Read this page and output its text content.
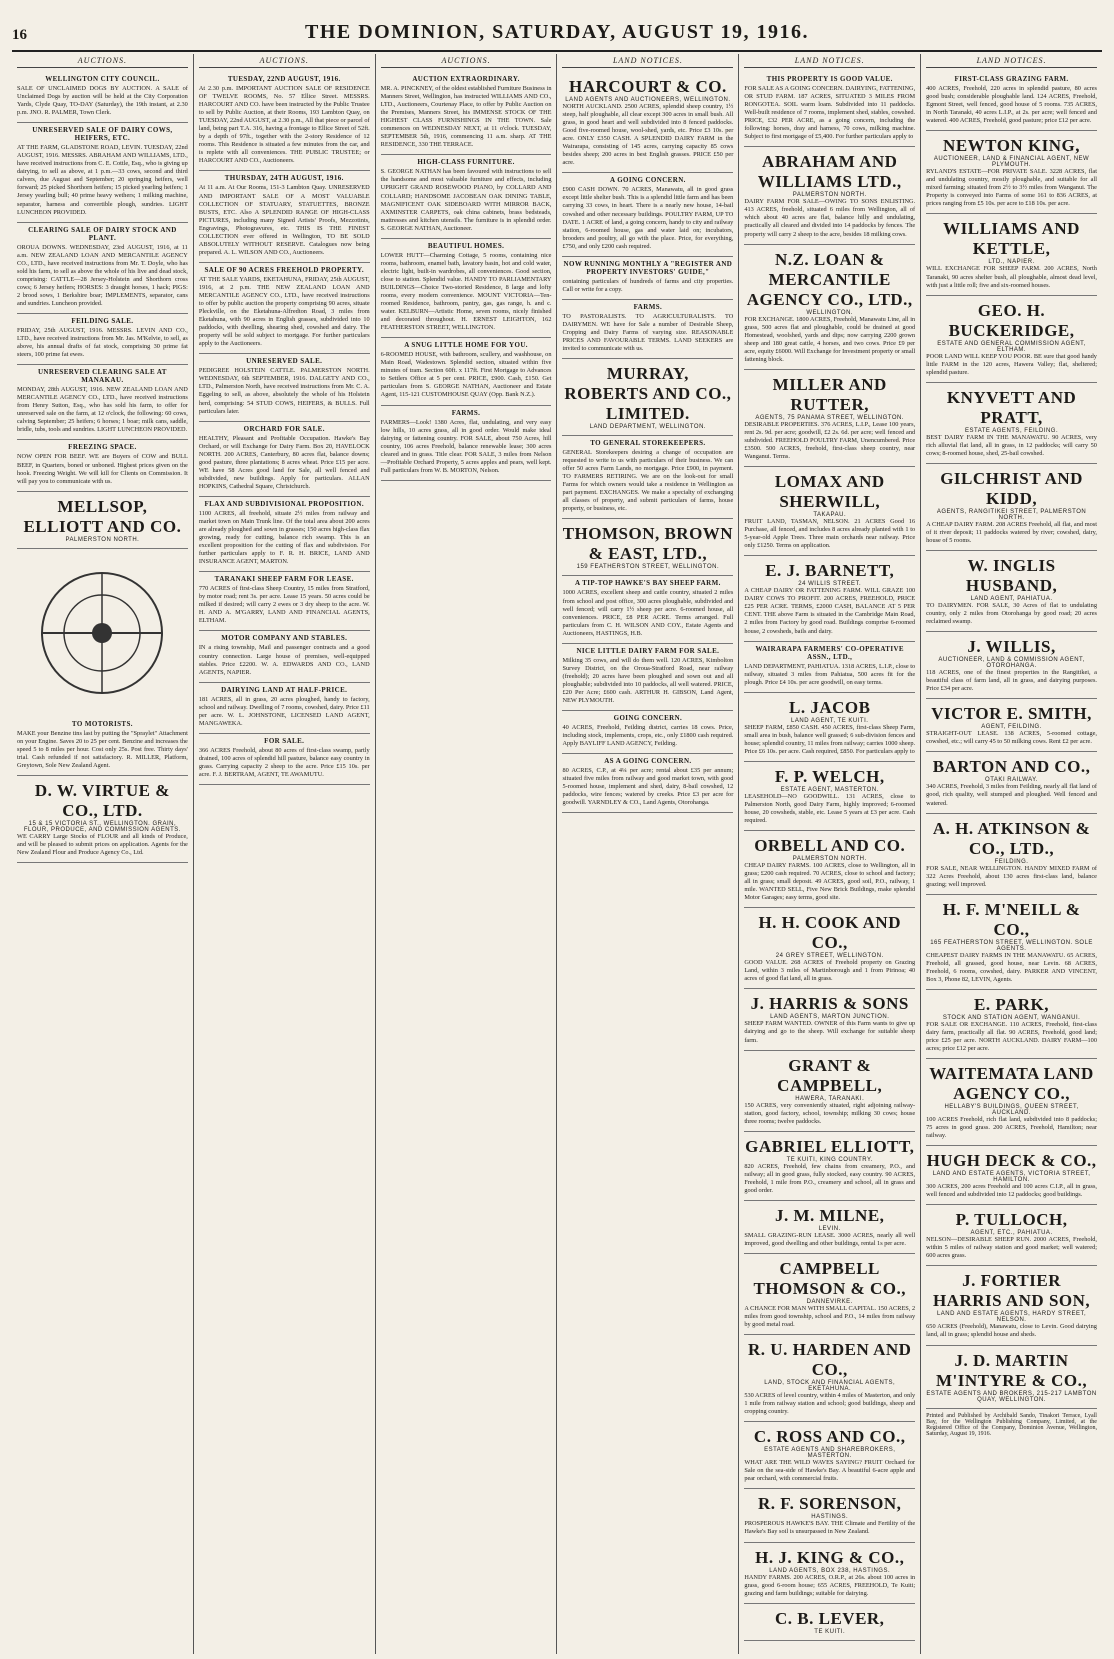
16	THE DOMINION, SATURDAY, AUGUST 19, 1916.
AUCTIONS.
WELLINGTON CITY COUNCIL.
SALE OF UNCLAIMED DOGS BY AUCTION. A SALE of Unclaimed Dogs by auction will be held at the City Corporation Yards, Clyde Quay, TO-DAY (Saturday), the 19th instant, at 2.30 p.m. JNO. R. PALMER, Town Clerk.
UNRESERVED SALE OF DAIRY COWS, HEIFERS, ETC.
AT THE FARM, GLADSTONE ROAD, LEVIN. TUESDAY, 22nd AUGUST, 1916. MESSRS. ABRAHAM AND WILLIAMS, LTD., have received instructions from C. E. Cottle, Esq., who is giving up dairying, to sell as above, at 1 p.m.—33 cows, second and third calvers, due August and September; 20 springing heifers, well forward; 25 picked Shorthorn heifers; 15 picked yearling heifers; 1 Jersey yearling bull; 40 prime heavy wethers; 1 milking machine, separator, harness and convertible plough, sundries. LIGHT LUNCHEON PROVIDED.
CLEARING SALE OF DAIRY STOCK AND PLANT.
OROUA DOWNS. WEDNESDAY, 23rd AUGUST, 1916, at 11 a.m. NEW ZEALAND LOAN AND MERCANTILE AGENCY CO., LTD., have received instructions from Mr. T. Doyle, who has sold his farm, to sell as above the whole of his live and dead stock, comprising: CATTLE—28 Jersey-Holstein and Shorthorn cross cows; 6 Jersey heifers; HORSES: 3 draught horses, 1 hack; PIGS: 2 brood sows, 1 Berkshire boar; IMPLEMENTS, separator, cans and sundries. Luncheon provided.
FEILDING SALE.
FRIDAY, 25th AUGUST, 1916. MESSRS. LEVIN AND CO., LTD., have received instructions from Mr. Jas. M'Kelvie, to sell, as above, his annual drafts of fat stock, comprising 30 prime fat steers, 100 prime fat ewes.
UNRESERVED CLEARING SALE AT MANAKAU.
MONDAY, 28th AUGUST, 1916. NEW ZEALAND LOAN AND MERCANTILE AGENCY CO., LTD., have received instructions from Henry Sutton, Esq., who has sold his farm, to offer for unreserved sale on the farm, at 12 o'clock, the following: 60 cows, calving September; 25 heifers; 6 horses; 1 boar; milk cans, saddle, bridle, tubs, tools and sundries. LIGHT LUNCHEON PROVIDED.
FREEZING SPACE.
NOW OPEN FOR BEEF. WE are Buyers of COW and BULL BEEF, in Quarters, boned or unboned. Highest prices given on the hook. Freezing Weight. We will kill for Clients on Commission. It will pay you to communicate with us.
MELLSOP, ELLIOTT AND CO.
PALMERSTON NORTH.
TO MOTORISTS.
MAKE your Benzine tins last by putting the "Spraylet" Attachment on your Engine. Saves 20 to 25 per cent. Benzine and increases the speed 5 to 8 miles per hour. Cost only 25s. Post free. Thirty days' trial. Cash refunded if not satisfactory. R. MILLER, Platform, Greytown, Sole New Zealand Agent.
D. W. VIRTUE & CO., LTD.
15 & 15 VICTORIA ST., WELLINGTON. GRAIN, FLOUR, PRODUCE, AND COMMISSION AGENTS.
WE CARRY Large Stocks of FLOUR and all kinds of Produce, and will be pleased to submit prices on application. Agents for the New Zealand Flour and Produce Agency Co., Ltd.
AUCTIONS.
TUESDAY, 22ND AUGUST, 1916.
At 2.30 p.m. IMPORTANT AUCTION SALE OF RESIDENCE OF TWELVE ROOMS, No. 57 Ellice Street. MESSRS. HARCOURT AND CO. have been instructed by the Public Trustee to sell by Public Auction, at their Rooms, 193 Lambton Quay, on TUESDAY, 22nd AUGUST, at 2.30 p.m., All that piece or parcel of land, being part T.A. 316, having a frontage to Ellice Street of 52ft. by a depth of 97ft., together with the 2-story Residence of 12 rooms. This Residence is situated a few minutes from the car, and is replete with all conveniences. THE PUBLIC TRUSTEE; or HARCOURT AND CO., Auctioneers.
THURSDAY, 24TH AUGUST, 1916.
At 11 a.m. At Our Rooms, 151-3 Lambton Quay. UNRESERVED AND IMPORTANT SALE OF A MOST VALUABLE COLLECTION OF STATUARY, STATUETTES, BRONZE BUSTS, ETC. Also A SPLENDID RANGE OF HIGH-CLASS PICTURES, including many Signed Artists' Proofs, Mezzotints, Engravings, Photogravures, etc. THIS IS THE FINEST COLLECTION ever offered in Wellington, TO BE SOLD ABSOLUTELY WITHOUT RESERVE. Catalogues now being prepared. A. L. WILSON AND CO., Auctioneers.
SALE OF 90 ACRES FREEHOLD PROPERTY.
AT THE SALE YARDS, EKETAHUNA, FRIDAY, 25th AUGUST, 1916, at 2 p.m. THE NEW ZEALAND LOAN AND MERCANTILE AGENCY CO., LTD., have received instructions to offer by public auction the property comprising 90 acres, situate Pleckville, on the Eketahuna-Alfredton Road, 3 miles from Eketahuna, with 90 acres in English grasses, subdivided into 10 paddocks, with dwelling, shearing shed, cowshed and dairy. The property will be sold subject to mortgage. For further particulars apply to the Auctioneers.
UNRESERVED SALE.
PEDIGREE HOLSTEIN CATTLE. PALMERSTON NORTH. WEDNESDAY, 6th SEPTEMBER, 1916. DALGETY AND CO., LTD., Palmerston North, have received instructions from Mr. C. A. Eggeling to sell, as above, absolutely the whole of his Holstein herd, comprising: 54 STUD COWS, HEIFERS, & BULLS. Full particulars later.
ORCHARD FOR SALE.
HEALTHY, Pleasant and Profitable Occupation. Hawke's Bay Orchard, or will Exchange for Dairy Farm. Box 20, HAVELOCK NORTH. 200 ACRES, Canterbury, 80 acres flat, balance downs; good pasture, three plantations; 8 acres wheat. Price £15 per acre. WE have 58 Acres good land for Sale, all well fenced and subdivided, new buildings. Apply for particulars. ALLAN HOPKINS, Cathedral Square, Christchurch.
FLAX AND SUBDIVISIONAL PROPOSITION.
1100 ACRES, all freehold, situate 2½ miles from railway and market town on Main Trunk line. Of the total area about 200 acres are already ploughed and sown in grasses; 150 acres high-class flax growing, ready for cutting, balance rich swamp. This is an excellent proposition for the cutting of flax and subdivision. For further particulars apply to F. R. H. BRICE, LAND AND INSURANCE AGENT, MARTON.
TARANAKI SHEEP FARM FOR LEASE.
770 ACRES of first-class Sheep Country, 15 miles from Stratford, by motor road; rent 3s. per acre. Lease 15 years. 50 acres could be milked if desired; will carry 2 ewes or 3 dry sheep to the acre. W. H. AND A. M'GARRY, LAND AND FINANCIAL AGENTS, ELTHAM.
MOTOR COMPANY AND STABLES.
IN a rising township, Mail and passenger contracts and a good country connection. Large house of premises, well-equipped stables. Price £2200. W. A. EDWARDS AND CO., LAND AGENTS, NAPIER.
DAIRYING LAND AT HALF-PRICE.
181 ACRES, all in grass, 20 acres ploughed, handy to factory, school and railway. Dwelling of 7 rooms, cowshed, dairy. Price £11 per acre. W. L. JOHNSTONE, LICENSED LAND AGENT, MANGAWEKA.
FOR SALE.
366 ACRES Freehold, about 80 acres of first-class swamp, partly drained, 100 acres of splendid hill pasture, balance easy country in grass. Carrying capacity 2 sheep to the acre. Price £15 10s. per acre. F. J. BERTRAM, AGENT, TE AWAMUTU.
AUCTIONS.
AUCTION EXTRAORDINARY.
MR. A. PINCKNEY, of the oldest established Furniture Business in Manners Street, Wellington, has instructed WILLIAMS AND CO., LTD., Auctioneers, Courtenay Place, to offer by Public Auction on the Premises, Manners Street, his IMMENSE STOCK OF THE HIGHEST CLASS FURNISHINGS IN THE TOWN. Sale commences on WEDNESDAY NEXT, at 11 o'clock. TUESDAY, SEPTEMBER 5th, 1916, commencing 11 a.m. sharp. AT THE RESIDENCE, 330 THE TERRACE.
HIGH-CLASS FURNITURE.
S. GEORGE NATHAN has been favoured with instructions to sell the handsome and most valuable furniture and effects, including UPRIGHT GRAND ROSEWOOD PIANO, by COLLARD AND COLLARD; HANDSOME JACOBEAN OAK DINING TABLE, MAGNIFICENT OAK SIDEBOARD WITH MIRROR BACK, AXMINSTER CARPETS, oak china cabinets, brass bedsteads, mattresses and kitchen utensils. The furniture is in splendid order. S. GEORGE NATHAN, Auctioneer.
BEAUTIFUL HOMES.
LOWER HUTT—Charming Cottage, 5 rooms, containing nice rooms, bathroom, enamel bath, lavatory basin, hot and cold water, electric light, built-in wardrobes, all conveniences. Good section, close to station. Splendid value. HANDY TO PARLIAMENTARY BUILDINGS—Choice Two-storied Residence, 8 large and lofty rooms, every modern convenience. MOUNT VICTORIA—Ten-roomed Residence, bathroom, pantry, gas, gas range, h. and c. water. KELBURN—Artistic Home, seven rooms, nicely finished and decorated throughout. H. ERNEST LEIGHTON, 162 FEATHERSTON STREET, WELLINGTON.
A SNUG LITTLE HOME FOR YOU.
6-ROOMED HOUSE, with bathroom, scullery, and washhouse, on Main Road, Wadestown. Splendid section, situated within five minutes of tram. Section 60ft. x 117ft. First Mortgage to Advances to Settlers Office at 5 per cent. PRICE, £900. Cash, £150. Get particulars from S. GEORGE NATHAN, Auctioneer and Estate Agent, 115-121 CUSTOMHOUSE QUAY (Opp. Bank N.Z.).
FARMS.
FARMERS—Look! 1380 Acres, flat, undulating, and very easy low hills, 10 acres grass, all in good order. Would make ideal dairying or fattening country. FOR SALE, about 750 Acres, hill country, 106 acres Freehold, balance renewable lease; 300 acres cleared and in grass. Title clear. FOR SALE, 3 miles from Nelson—Profitable Orchard Property, 5 acres apples and pears, well kept. Full particulars from W. B. MORTON, Nelson.
LAND NOTICES.
HARCOURT & CO.
LAND AGENTS AND AUCTIONEERS, WELLINGTON.
NORTH AUCKLAND. 2500 ACRES, splendid sheep country, 1½ steep, half ploughable, all clear except 300 acres in small bush. All grass, in good heart and well subdivided into 8 fenced paddocks. Good five-roomed house, wool-shed, yards, etc. Price £3 10s. per acre. ONLY £350 CASH. A SPLENDID DAIRY FARM in the Wairarapa, consisting of 145 acres, carrying capacity 85 cows besides sheep; 200 acres in best English grasses. PRICE £50 per acre.
A GOING CONCERN.
£900 CASH DOWN. 70 ACRES, Manawatu, all in good grass except little shelter bush. This is a splendid little farm and has been carrying 33 cows, in heart. There is a nearly new house, 14-bail cowshed and other necessary buildings. POULTRY FARM, UP TO DATE. 1 ACRE of land, a going concern, handy to city and railway station, 6-roomed house, gas and water laid on; incubators, brooders and poultry, all go with the place. Price, for everything, £750, and only £200 cash required.
NOW RUNNING MONTHLY A "REGISTER AND PROPERTY INVESTORS' GUIDE,"
containing particulars of hundreds of farms and city properties. Call or write for a copy.
FARMS.
TO PASTORALISTS. TO AGRICULTURALISTS. TO DAIRYMEN. WE have for Sale a number of Desirable Sheep, Cropping and Dairy Farms of varying size. REASONABLE PRICES AND FAVOURABLE TERMS. LAND SEEKERS are invited to communicate with us.
MURRAY, ROBERTS AND CO., LIMITED.
LAND DEPARTMENT, WELLINGTON.
TO GENERAL STOREKEEPERS.
GENERAL Storekeepers desiring a change of occupation are requested to write to us with particulars of their business. We can offer 50 acres Farm Lands, no mortgage. Price £900, in payment. TO FARMERS RETIRING. We are on the look-out for small Farms for which owners would take a residence in Wellington as part payment. EXCHANGES. We make a specialty of exchanging all classes of property, and submit particulars of farms, house property, or business, etc.
THOMSON, BROWN & EAST, LTD.,
159 FEATHERSTON STREET, WELLINGTON.
A TIP-TOP HAWKE'S BAY SHEEP FARM.
1000 ACRES, excellent sheep and cattle country, situated 2 miles from school and post office, 300 acres ploughable, subdivided and well fenced; will carry 1½ sheep per acre. 6-roomed house, all conveniences. PRICE, £8 PER ACRE. Terms arranged. Full particulars from C. H. WILSON AND COY., Estate Agents and Auctioneers, HASTINGS, H.B.
NICE LITTLE DAIRY FARM FOR SALE.
Milking 35 cows, and will do them well. 120 ACRES, Kimbolton Survey District, on the Oroua-Stratford Road, near railway (freehold); 20 acres have been ploughed and sown out and all ploughable; subdivided into 10 paddocks, all well watered. PRICE, £20 Per Acre; £600 cash. ARTHUR H. GIBSON, Land Agent, NEW PLYMOUTH.
GOING CONCERN.
40 ACRES, Freehold, Feilding district, carries 18 cows. Price, including stock, implements, crops, etc., only £1800 cash required. Apply BAYLIFF LAND AGENCY, Feilding.
AS A GOING CONCERN.
80 ACRES, C.P., at 4¼ per acre; rental about £35 per annum; situated five miles from railway and good market town, with good 5-roomed house, implement and shed, dairy, 8-bail cowshed, 12 paddocks, wire fences; watered by creeks. Price £3 per acre for goodwill. YARNDLEY & CO., Land Agents, Otorohanga.
LAND NOTICES.
THIS PROPERTY IS GOOD VALUE.
FOR SALE AS A GOING CONCERN. DAIRYING, FATTENING, OR STUD FARM. 187 ACRES, SITUATED 3 MILES FROM RONGOTEA. SOIL warm loam. Subdivided into 11 paddocks. Well-built residence of 7 rooms, implement shed, stables, cowshed. PRICE, £32 PER ACRE, as a going concern, including the following: horses, dray and harness, 70 cows, milking machine. Subject to first mortgage of £5,400. For further particulars apply to
ABRAHAM AND WILLIAMS LTD.,
PALMERSTON NORTH.
DAIRY FARM FOR SALE—OWING TO SONS ENLISTING. 413 ACRES, freehold, situated 6 miles from Wellington, all of which about 40 acres are flat, balance hilly and undulating, practically all cleared and divided into 14 paddocks by fences. The property will carry 2 sheep to the acre, besides 18 milking cows.
N.Z. LOAN & MERCANTILE AGENCY CO., LTD.,
WELLINGTON.
FOR EXCHANGE. 1800 ACRES, Freehold, Manawatu Line, all in grass, 500 acres flat and ploughable, could be drained at good Homestead, woolshed, yards and dips; now carrying 2200 grown sheep and 180 great cattle, 4 horses, and two cows. Price £9 per acre, equity £6000. Will Exchange for Investment property or small fattening block.
MILLER AND RUTTER,
AGENTS, 75 PANAMA STREET, WELLINGTON.
DESIRABLE PROPERTIES. 376 ACRES, L.I.P., Lease 100 years, rent 2s. 9d. per acre; goodwill, £2 2s. 6d. per acre; well fenced and subdivided. FREEHOLD POULTRY FARM, Unencumbered. Price £3500. 500 ACRES, freehold, first-class sheep country, near Wanganui. Terms.
LOMAX AND SHERWILL,
TAKAPAU.
FRUIT LAND, TASMAN, NELSON. 21 ACRES Good 16 Purchase, all fenced, and includes 8 acres already planted with 1 to 5-year-old Apple Trees. Three main orchards near railway. Price only £1250. Terms on application.
E. J. BARNETT,
24 WILLIS STREET.
A CHEAP DAIRY OR FATTENING FARM. WILL GRAZE 100 DAIRY COWS TO PROFIT. 200 ACRES, FREEHOLD, PRICE £25 PER ACRE. TERMS, £2000 CASH, BALANCE AT 5 PER CENT. THE above Farm is situated in the Cambridge Main Road, 2 miles from Factory by good road. Buildings comprise 6-roomed house, 2 cowsheds, bails and dairy.
WAIRARAPA FARMERS' CO-OPERATIVE ASSN., LTD.,
LAND DEPARTMENT, PAHIATUA. 1318 ACRES, L.I.P., close to railway, situated 3 miles from Pahiatua, 500 acres fit for the plough. Price £4 10s. per acre goodwill, on easy terms.
L. JACOB
LAND AGENT, TE KUITI.
SHEEP FARM, £850 CASH. 450 ACRES, first-class Sheep Farm, small area in bush, balance well grassed; 6 sub-division fences and house; splendid country, 11 miles from railway; carries 1000 sheep. Price £6 10s. per acre. Cash required, £850. For particulars apply to
F. P. WELCH,
ESTATE AGENT, MASTERTON.
LEASEHOLD—NO GOODWILL. 131 ACRES, close to Palmerston North, good Dairy Farm, highly improved; 6-roomed house, 20 cowsheds, stable, etc. Lease 5 years at £3 per acre. Cash required.
ORBELL AND CO.
PALMERSTON NORTH.
CHEAP DAIRY FARMS. 100 ACRES, close to Wellington, all in grass; £200 cash required. 70 ACRES, close to school and factory; all in grass; small deposit. 49 ACRES, good soil, P.O., railway, 1 mile. WANTED SELL, Five New Brick Buildings, make splendid Motor Garages; easy terms, good site.
H. H. COOK AND CO.,
24 GREY STREET, WELLINGTON.
GOOD VALUE. 268 ACRES of Freehold property on Grazing Land, within 3 miles of Martinborough and 1 from Pirinoa; 40 acres of good flat land, all in grass.
J. HARRIS & SONS
LAND AGENTS, MARTON JUNCTION.
SHEEP FARM WANTED. OWNER of this Farm wants to give up dairying and go to the sheep. Will exchange for suitable sheep farm.
GRANT & CAMPBELL,
HAWERA, TARANAKI.
150 ACRES, very conveniently situated, right adjoining railway-station, good factory, school, township; milking 30 cows; house three rooms; twelve paddocks.
GABRIEL ELLIOTT,
TE KUITI, KING COUNTRY.
820 ACRES, Freehold, few chains from creamery, P.O., and railway; all in good grass, fully stocked, easy country. 90 ACRES, Freehold, 1 mile from P.O., creamery and school, all in grass and good order.
J. M. MILNE,
LEVIN.
SMALL GRAZING-RUN LEASE. 3000 ACRES, nearly all well improved, good dwelling and other buildings, rental 1s per acre.
CAMPBELL THOMSON & CO.,
DANNEVIRKE.
A CHANCE FOR MAN WITH SMALL CAPITAL. 150 ACRES, 2 miles from good township, school and P.O., 14 miles from railway by good metal road.
R. U. HARDEN AND CO.,
LAND, STOCK AND FINANCIAL AGENTS, EKETAHUNA.
530 ACRES of level country, within 4 miles of Masterton, and only 1 mile from railway station and school; good buildings, sheep and cropping country.
C. ROSS AND CO.,
ESTATE AGENTS AND SHAREBROKERS, MASTERTON.
WHAT ARE THE WILD WAVES SAYING? FRUIT Orchard for Sale on the sea-side of Hawke's Bay. A beautiful 6-acre apple and pear orchard, with commercial fruits.
R. F. SORENSON,
HASTINGS.
PROSPEROUS HAWKE'S BAY. THE Climate and Fertility of the Hawke's Bay soil is unsurpassed in New Zealand.
H. J. KING & CO.,
LAND AGENTS, BOX 238, HASTINGS.
HANDY FARMS. 200 ACRES, O.R.P., at 26s. about 100 acres in grass, good 6-room house; 655 ACRES, FREEHOLD, Te Kuiti; grazing and farm buildings; suitable for dairying.
C. B. LEVER,
TE KUITI.
LAND NOTICES.
FIRST-CLASS GRAZING FARM.
400 ACRES, Freehold, 220 acres in splendid pasture, 80 acres good bush; considerable ploughable land. 124 ACRES, Freehold, Egmont Street, well fenced, good house of 5 rooms. 735 ACRES, in North Taranaki, 40 acres L.I.P., at 2s. per acre; well fenced and watered. 400 ACRES, Freehold, good pasture; price £12 per acre.
NEWTON KING,
AUCTIONEER, LAND & FINANCIAL AGENT, NEW PLYMOUTH.
RYLAND'S ESTATE—FOR PRIVATE SALE. 3228 ACRES, flat and undulating country, mostly ploughable, and suitable for all mixed farming; situated from 2½ to 3½ miles from Wanganui. The Property is conveyed into Farms of some 161 to 836 ACRES, at prices ranging from £5 10s. per acre to £18 10s. per acre.
WILLIAMS AND KETTLE,
LTD., NAPIER.
WILL EXCHANGE FOR SHEEP FARM. 200 ACRES, North Taranaki, 90 acres shelter bush, all ploughable, almost dead level, with just a little roll; five and six-roomed houses.
GEO. H. BUCKERIDGE,
ESTATE AND GENERAL COMMISSION AGENT, ELTHAM.
POOR LAND WILL KEEP YOU POOR. BE sure that good handy little FARM in the 120 acres, Hawera Valley; flat, sheltered; splendid pasture.
KNYVETT AND PRATT,
ESTATE AGENTS, FEILDING.
BEST DAIRY FARM IN THE MANAWATU. 90 ACRES, very rich alluvial flat land, all in grass, in 12 paddocks; will carry 50 cows; 8-roomed house, shed, 25-bail cowshed.
GILCHRIST AND KIDD,
AGENTS, RANGITIKEI STREET, PALMERSTON NORTH.
A CHEAP DAIRY FARM. 208 ACRES Freehold, all flat, and most of it river deposit; 11 paddocks watered by river; cowshed, dairy, house of 5 rooms.
W. INGLIS HUSBAND,
LAND AGENT, PAHIATUA.
TO DAIRYMEN. FOR SALE, 30 Acres of flat to undulating country, only 2 miles from Otorohanga by good road; 20 acres reclaimed swamp.
J. WILLIS,
AUCTIONEER, LAND & COMMISSION AGENT, OTOROHANGA.
118 ACRES, one of the finest properties in the Rangitikei, a beautiful class of farm land, all in grass, and dairying purposes. Price £34 per acre.
VICTOR E. SMITH,
AGENT, FEILDING.
STRAIGHT-OUT LEASE. 138 ACRES, 5-roomed cottage, cowshed, etc.; will carry 45 to 50 milking cows. Rent £2 per acre.
BARTON AND CO.,
OTAKI RAILWAY.
340 ACRES, Freehold, 3 miles from Feilding, nearly all flat land of good, rich quality, well stumped and ploughed. Well fenced and watered.
A. H. ATKINSON & CO., LTD.,
FEILDING.
FOR SALE, NEAR WELLINGTON. HANDY MIXED FARM of 322 Acres Freehold, about 130 acres first-class land, balance grazing; well improved.
H. F. M'NEILL & CO.,
165 FEATHERSTON STREET, WELLINGTON. SOLE AGENTS.
CHEAPEST DAIRY FARMS IN THE MANAWATU. 65 ACRES, Freehold, all grassed, good house, near Levin. 68 ACRES, Freehold, 6 rooms, cowshed, dairy. PARKER AND VINCENT, Box 3, Phone 82, LEVIN, Agents.
E. PARK,
STOCK AND STATION AGENT, WANGANUI.
FOR SALE OR EXCHANGE. 110 ACRES, Freehold, first-class dairy farm, practically all flat. 90 ACRES, Freehold, good land; price £25 per acre. NORTH AUCKLAND. DAIRY FARM—100 acres; price £12 per acre.
WAITEMATA LAND AGENCY CO.,
HELLABY'S BUILDINGS, QUEEN STREET, AUCKLAND.
100 ACRES Freehold, rich flat land, subdivided into 8 paddocks; 75 acres in good grass. 200 ACRES, Freehold, Hamilton; near railway.
HUGH DECK & CO.,
LAND AND ESTATE AGENTS, VICTORIA STREET, HAMILTON.
300 ACRES, 200 acres Freehold and 100 acres C.I.P., all in grass, well fenced and subdivided into 12 paddocks; good buildings.
P. TULLOCH,
AGENT, ETC., PAHIATUA.
NELSON—DESIRABLE SHEEP RUN. 2000 ACRES, Freehold, within 5 miles of railway station and good market; well watered; 600 acres grass.
J. FORTIER HARRIS AND SON,
LAND AND ESTATE AGENTS, HARDY STREET, NELSON.
650 ACRES (Freehold), Manawatu, close to Levin. Good dairying land, all in grass; splendid house and sheds.
J. D. MARTIN M'INTYRE & CO.,
ESTATE AGENTS AND BROKERS, 215-217 LAMBTON QUAY, WELLINGTON.
Printed and Published by Archibald Sando, Tinakori Terrace, Lyall Bay, for the Wellington Publishing Company, Limited, at the Registered Office of the Company, Dominion Avenue, Wellington, Saturday, August 19, 1916.
